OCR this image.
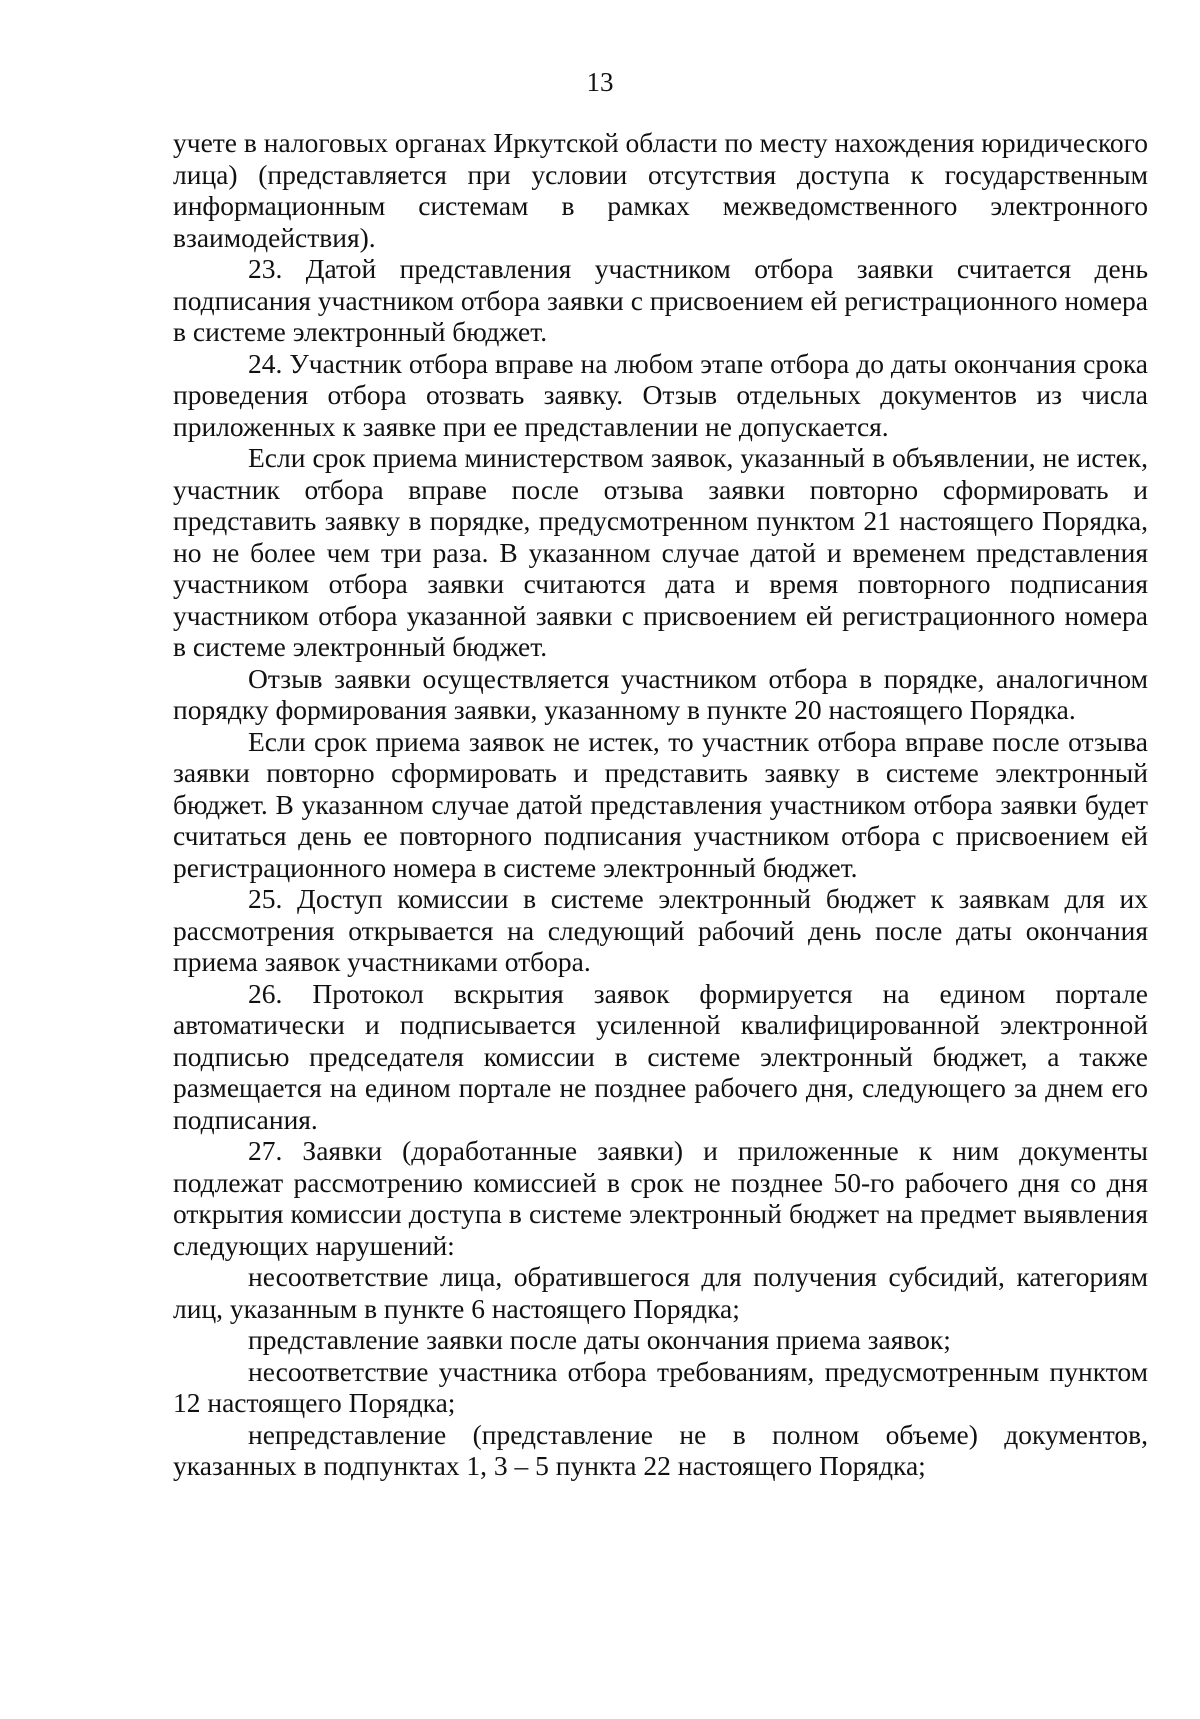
13

учете в налоговых органах Иркутской области по месту нахождения юридического лица) (представляется при условии отсутствия доступа к государственным информационным системам в рамках межведомственного электронного взаимодействия).

23. Датой представления участником отбора заявки считается день подписания участником отбора заявки с присвоением ей регистрационного номера в системе электронный бюджет.

24. Участник отбора вправе на любом этапе отбора до даты окончания срока проведения отбора отозвать заявку. Отзыв отдельных документов из числа приложенных к заявке при ее представлении не допускается.

Если срок приема министерством заявок, указанный в объявлении, не истек, участник отбора вправе после отзыва заявки повторно сформировать и представить заявку в порядке, предусмотренном пунктом 21 настоящего Порядка, но не более чем три раза. В указанном случае датой и временем представления участником отбора заявки считаются дата и время повторного подписания участником отбора указанной заявки с присвоением ей регистрационного номера в системе электронный бюджет.

Отзыв заявки осуществляется участником отбора в порядке, аналогичном порядку формирования заявки, указанному в пункте 20 настоящего Порядка.

Если срок приема заявок не истек, то участник отбора вправе после отзыва заявки повторно сформировать и представить заявку в системе электронный бюджет. В указанном случае датой представления участником отбора заявки будет считаться день ее повторного подписания участником отбора с присвоением ей регистрационного номера в системе электронный бюджет.

25. Доступ комиссии в системе электронный бюджет к заявкам для их рассмотрения открывается на следующий рабочий день после даты окончания приема заявок участниками отбора.

26. Протокол вскрытия заявок формируется на едином портале автоматически и подписывается усиленной квалифицированной электронной подписью председателя комиссии в системе электронный бюджет, а также размещается на едином портале не позднее рабочего дня, следующего за днем его подписания.

27. Заявки (доработанные заявки) и приложенные к ним документы подлежат рассмотрению комиссией в срок не позднее 50-го рабочего дня со дня открытия комиссии доступа в системе электронный бюджет на предмет выявления следующих нарушений:

несоответствие лица, обратившегося для получения субсидий, категориям лиц, указанным в пункте 6 настоящего Порядка;

представление заявки после даты окончания приема заявок;

несоответствие участника отбора требованиям, предусмотренным пунктом 12 настоящего Порядка;

непредставление (представление не в полном объеме) документов, указанных в подпунктах 1, 3 – 5 пункта 22 настоящего Порядка;
